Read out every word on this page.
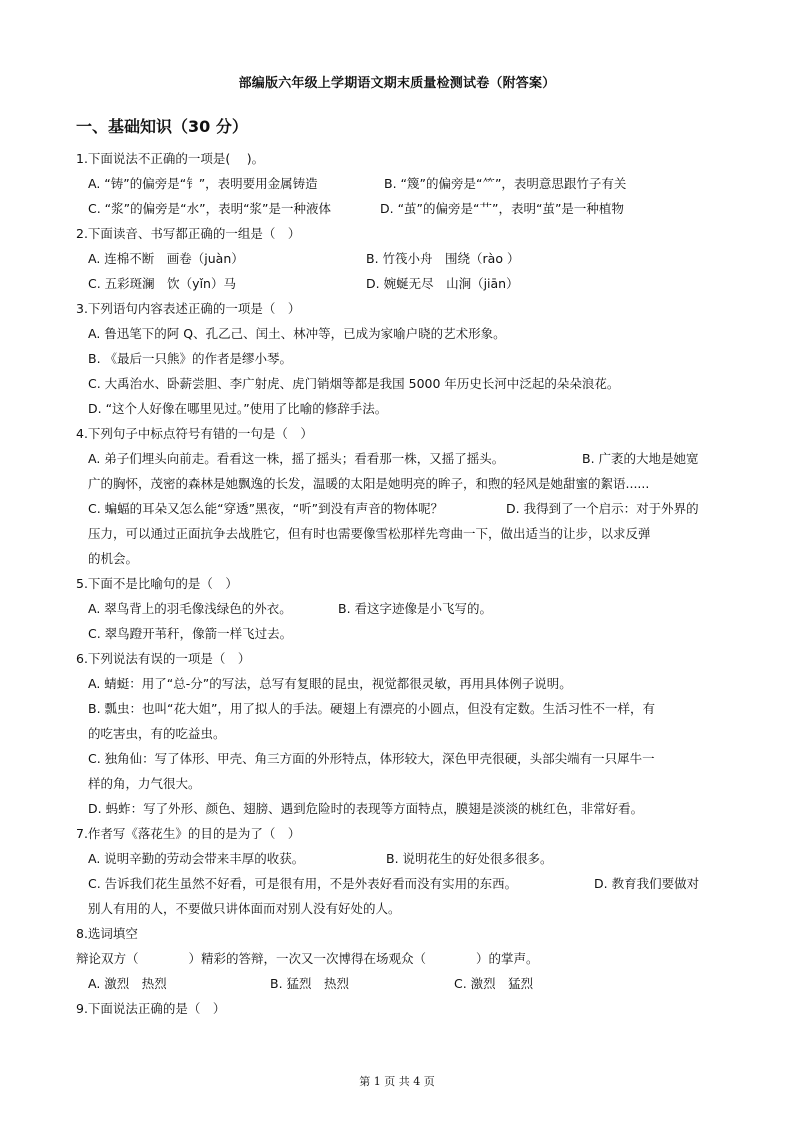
部编版六年级上学期语文期末质量检测试卷（附答案）
一、基础知识（30 分）
1.下面说法不正确的一项是(　 )。
A. “铸”的偏旁是“钅”，表明要用金属铸造	B. “篾”的偏旁是“⺮”，表明意思跟竹子有关
C. “浆”的偏旁是“水”，表明“浆”是一种液体	D. “茧”的偏旁是“艹”，表明“茧”是一种植物
2.下面读音、书写都正确的一组是（　）
A. 连棉不断　画卷（juàn）	B. 竹筏小舟　围绕（rào ）
C. 五彩斑澜　饮（yǐn）马	D. 婉蜒无尽　山涧（jiān）
3.下列语句内容表述正确的一项是（　）
A. 鲁迅笔下的阿 Q、孔乙己、闰土、林冲等，已成为家喻户晓的艺术形象。
B. 《最后一只熊》的作者是缪小琴。
C. 大禹治水、卧薪尝胆、李广射虎、虎门销烟等都是我国 5000 年历史长河中泛起的朵朵浪花。
D. “这个人好像在哪里见过。”使用了比喻的修辞手法。
4.下列句子中标点符号有错的一句是（　）
A. 弟子们埋头向前走。看看这一株，摇了摇头；看看那一株，又摇了摇头。	B. 广袤的大地是她宽
广的胸怀，茂密的森林是她飘逸的长发，温暖的太阳是她明亮的眸子，和煦的轻风是她甜蜜的絮语......
C. 蝙蝠的耳朵又怎么能“穿透”黑夜，“听”到没有声音的物体呢？	D. 我得到了一个启示：对于外界的
压力，可以通过正面抗争去战胜它，但有时也需要像雪松那样先弯曲一下，做出适当的让步，以求反弹
的机会。
5.下面不是比喻句的是（　）
A. 翠鸟背上的羽毛像浅绿色的外衣。	B. 看这字迹像是小飞写的。
C. 翠鸟蹬开苇秆，像箭一样飞过去。
6.下列说法有误的一项是（　）
A. 蜻蜓：用了“总-分”的写法，总写有复眼的昆虫，视觉都很灵敏，再用具体例子说明。
B. 瓢虫：也叫“花大姐”，用了拟人的手法。硬翅上有漂亮的小圆点，但没有定数。生活习性不一样，有
的吃害虫，有的吃益虫。
C. 独角仙：写了体形、甲壳、角三方面的外形特点，体形较大，深色甲壳很硬，头部尖端有一只犀牛一
样的角，力气很大。
D. 蚂蚱：写了外形、颜色、翅膀、遇到危险时的表现等方面特点，膜翅是淡淡的桃红色，非常好看。
7.作者写《落花生》的目的是为了（　）
A. 说明辛勤的劳动会带来丰厚的收获。	B. 说明花生的好处很多很多。
C. 告诉我们花生虽然不好看，可是很有用，不是外表好看而没有实用的东西。	D. 教育我们要做对
别人有用的人，不要做只讲体面而对别人没有好处的人。
8.选词填空
辩论双方（　　　　）精彩的答辩，一次又一次博得在场观众（　　　　）的掌声。
A. 激烈　热烈	B. 猛烈　热烈	C. 激烈　猛烈
9.下面说法正确的是（　）
第 1 页 共 4 页
